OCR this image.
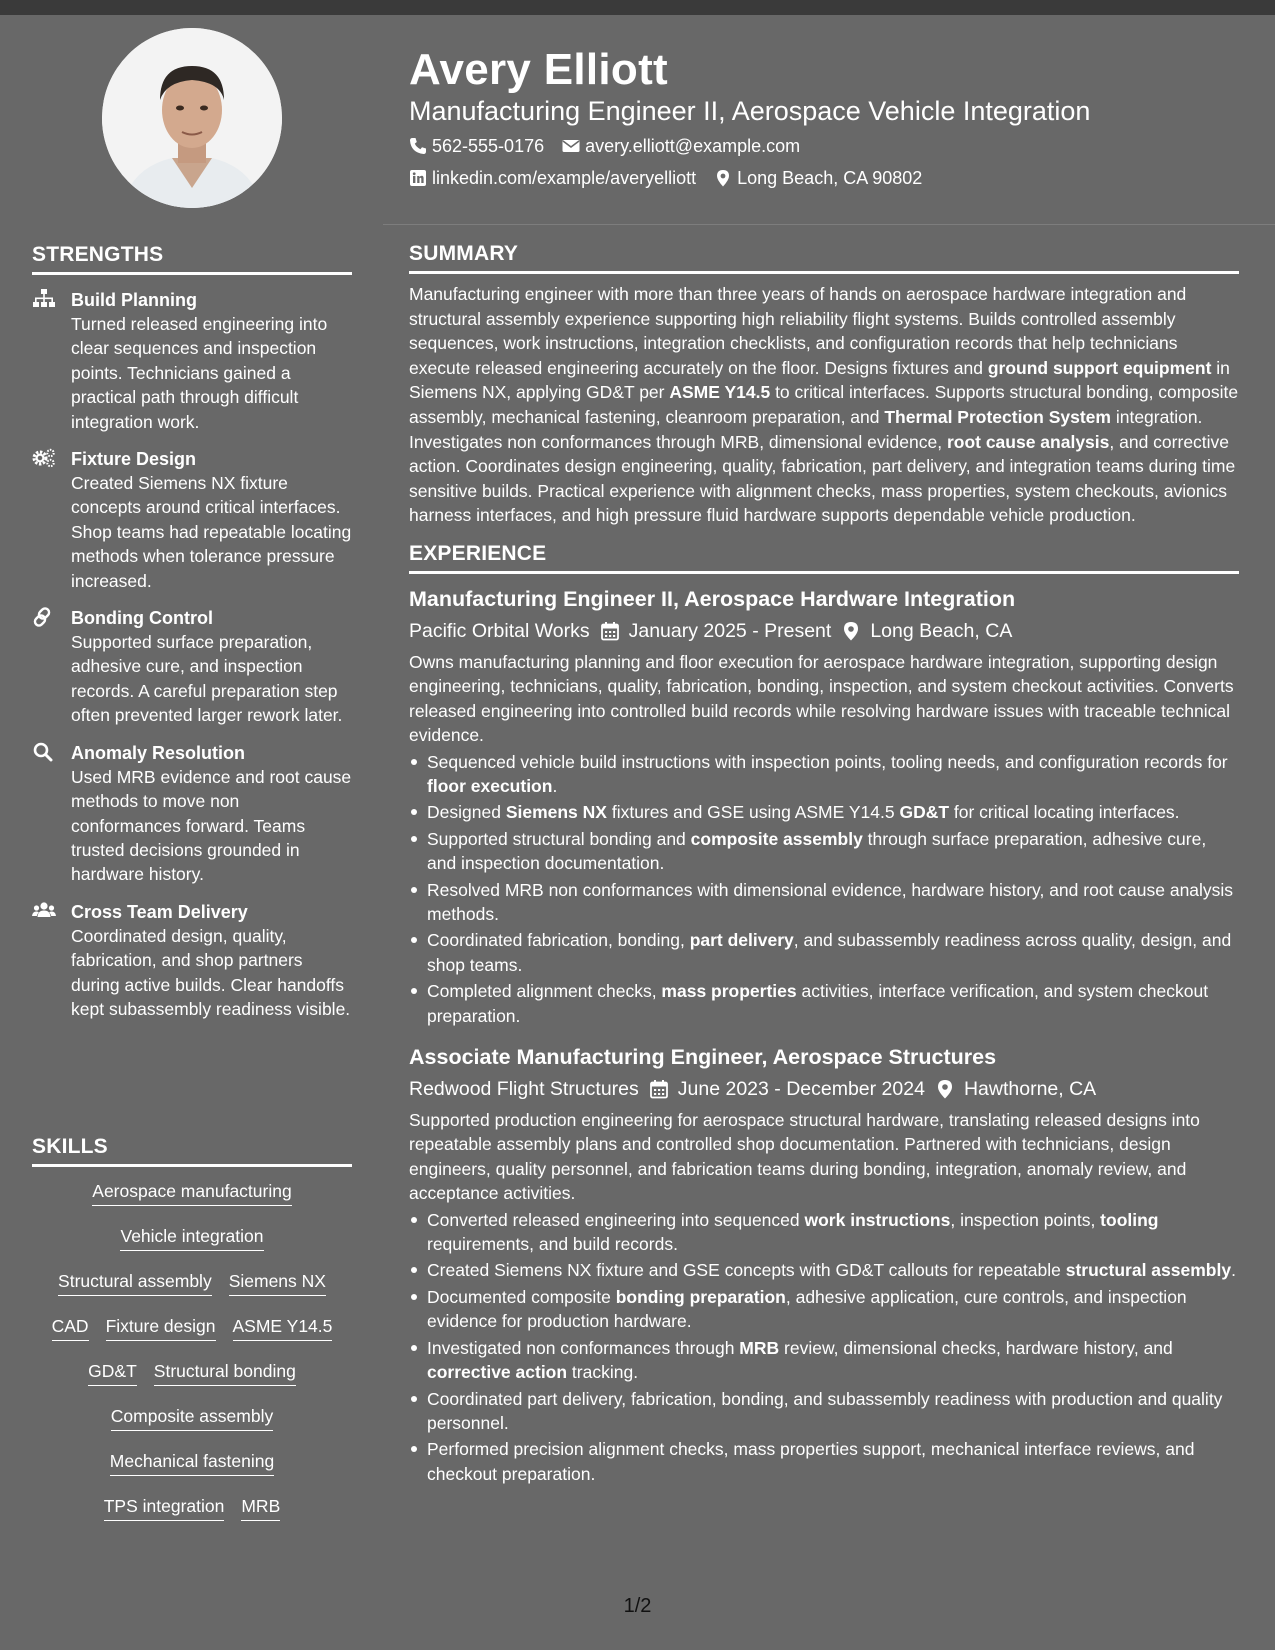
STRENGTHS
Build Planning
Turned released engineering into clear sequences and inspection points. Technicians gained a practical path through difficult integration work.
Fixture Design
Created Siemens NX fixture concepts around critical interfaces. Shop teams had repeatable locating methods when tolerance pressure increased.
Bonding Control
Supported surface preparation, adhesive cure, and inspection records. A careful preparation step often prevented larger rework later.
Anomaly Resolution
Used MRB evidence and root cause methods to move non conformances forward. Teams trusted decisions grounded in hardware history.
Cross Team Delivery
Coordinated design, quality, fabrication, and shop partners during active builds. Clear handoffs kept subassembly readiness visible.
SKILLS
Aerospace manufacturing
Vehicle integration
Structural assembly Siemens NX
CAD Fixture design ASME Y14.5
GD&T Structural bonding
Composite assembly
Mechanical fastening
TPS integration MRB
Avery Elliott
Manufacturing Engineer II, Aerospace Vehicle Integration
562-555-0176 avery.elliott@example.com
linkedin.com/example/averyelliott Long Beach, CA 90802
SUMMARY

Manufacturing engineer with more than three years of hands on aerospace hardware integration and structural assembly experience supporting high reliability flight systems. Builds controlled assembly sequences, work instructions, integration checklists, and configuration records that help technicians execute released engineering accurately on the floor. Designs fixtures and ground support equipment in Siemens NX, applying GD&T per ASME Y14.5 to critical interfaces. Supports structural bonding, composite assembly, mechanical fastening, cleanroom preparation, and Thermal Protection System integration. Investigates non conformances through MRB, dimensional evidence, root cause analysis, and corrective action. Coordinates design engineering, quality, fabrication, part delivery, and integration teams during time sensitive builds. Practical experience with alignment checks, mass properties, system checkouts, avionics harness interfaces, and high pressure fluid hardware supports dependable vehicle production.

EXPERIENCE
Manufacturing Engineer II, Aerospace Hardware Integration
Pacific Orbital Works January 2025 - Present Long Beach, CA
Owns manufacturing planning and floor execution for aerospace hardware integration, supporting design engineering, technicians, quality, fabrication, bonding, inspection, and system checkout activities. Converts released engineering into controlled build records while resolving hardware issues with traceable technical evidence.
Sequenced vehicle build instructions with inspection points, tooling needs, and configuration records for floor execution.
Designed Siemens NX fixtures and GSE using ASME Y14.5 GD&T for critical locating interfaces.
Supported structural bonding and composite assembly through surface preparation, adhesive cure, and inspection documentation.
Resolved MRB non conformances with dimensional evidence, hardware history, and root cause analysis methods.
Coordinated fabrication, bonding, part delivery, and subassembly readiness across quality, design, and shop teams.
Completed alignment checks, mass properties activities, interface verification, and system checkout preparation.
Associate Manufacturing Engineer, Aerospace Structures
Redwood Flight Structures June 2023 - December 2024 Hawthorne, CA
Supported production engineering for aerospace structural hardware, translating released designs into repeatable assembly plans and controlled shop documentation. Partnered with technicians, design engineers, quality personnel, and fabrication teams during bonding, integration, anomaly review, and acceptance activities.
Converted released engineering into sequenced work instructions, inspection points, tooling requirements, and build records.
Created Siemens NX fixture and GSE concepts with GD&T callouts for repeatable structural assembly.
Documented composite bonding preparation, adhesive application, cure controls, and inspection evidence for production hardware.
Investigated non conformances through MRB review, dimensional checks, hardware history, and corrective action tracking.
Coordinated part delivery, fabrication, bonding, and subassembly readiness with production and quality personnel.
Performed precision alignment checks, mass properties support, mechanical interface reviews, and checkout preparation.
1/2
